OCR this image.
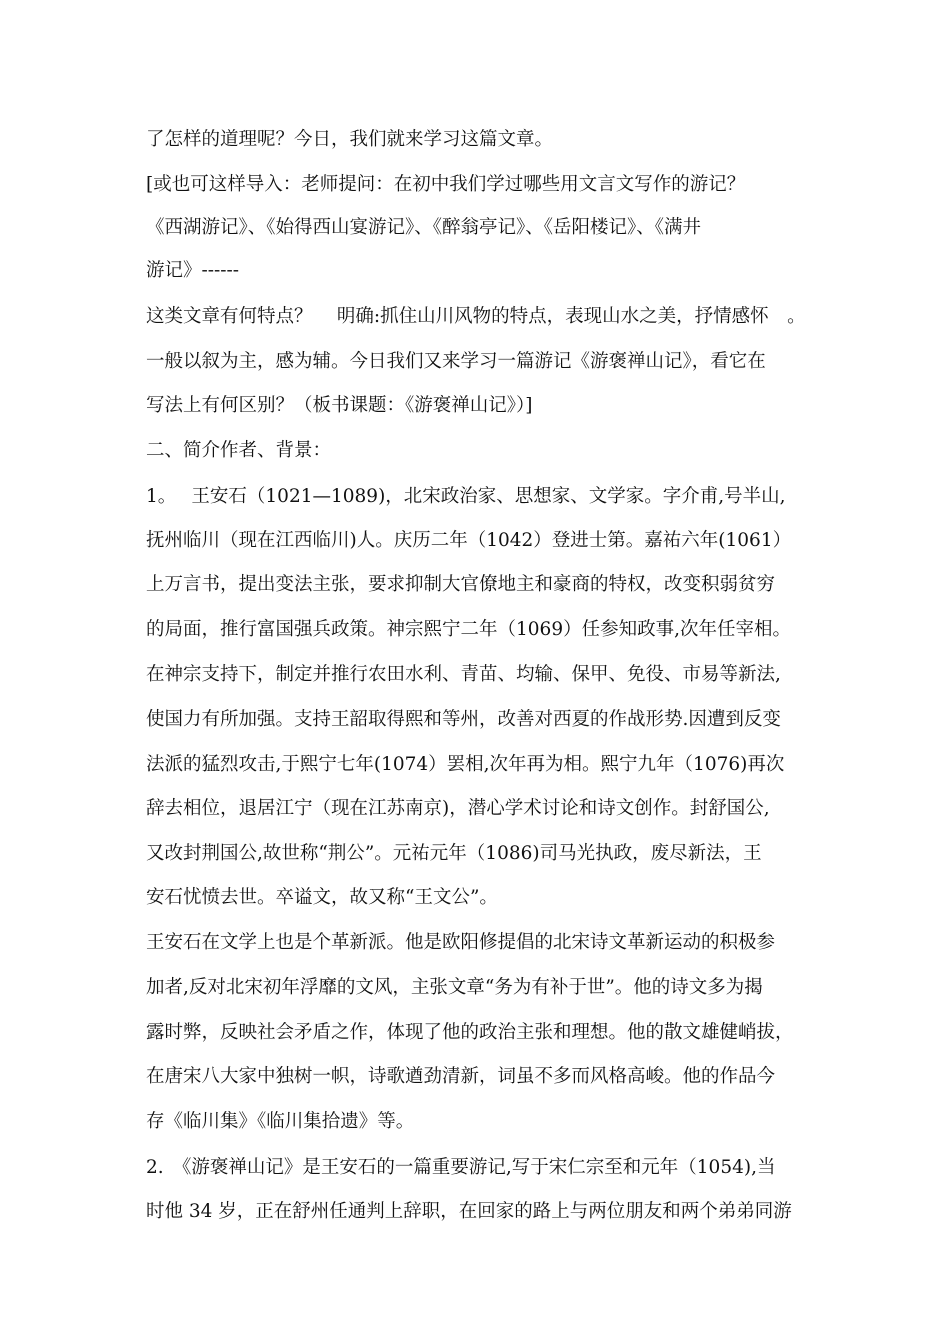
了怎样的道理呢？今日，我们就来学习这篇文章。
[或也可这样导入：老师提问：在初中我们学过哪些用文言文写作的游记？
《西湖游记》、《始得西山宴游记》、《醉翁亭记》、《岳阳楼记》、《满井
游记》------
这类文章有何特点？　 明确:抓住山川风物的特点，表现山水之美，抒情感怀　。
一般以叙为主，感为辅。今日我们又来学习一篇游记《游褒禅山记》，看它在
写法上有何区别？（板书课题：《游褒禅山记》）]
二、简介作者、背景：
1。　 王安石（1021—1089)，北宋政治家、思想家、文学家。字介甫,号半山,
抚州临川（现在江西临川)人。庆历二年（1042）登进士第。嘉祐六年(1061）
上万言书，提出变法主张，要求抑制大官僚地主和豪商的特权，改变积弱贫穷
的局面，推行富国强兵政策。神宗熙宁二年（1069）任参知政事,次年任宰相。
在神宗支持下，制定并推行农田水利、青苗、均输、保甲、免役、市易等新法,
使国力有所加强。支持王韶取得熙和等州，改善对西夏的作战形势.因遭到反变
法派的猛烈攻击,于熙宁七年(1074）罢相,次年再为相。熙宁九年（1076)再次
辞去相位，退居江宁（现在江苏南京)，潜心学术讨论和诗文创作。封舒国公,
又改封荆国公,故世称“荆公”。元祐元年（1086)司马光执政，废尽新法，王
安石忧愤去世。卒谥文，故又称“王文公”。
王安石在文学上也是个革新派。他是欧阳修提倡的北宋诗文革新运动的积极参
加者,反对北宋初年浮靡的文风，主张文章“务为有补于世”。他的诗文多为揭
露时弊，反映社会矛盾之作，体现了他的政治主张和理想。他的散文雄健峭拔，
在唐宋八大家中独树一帜，诗歌遒劲清新，词虽不多而风格高峻。他的作品今
存《临川集》《临川集拾遗》等。
2.　《游褒禅山记》是王安石的一篇重要游记,写于宋仁宗至和元年（1054),当
时他 34 岁，正在舒州任通判上辞职，在回家的路上与两位朋友和两个弟弟同游
